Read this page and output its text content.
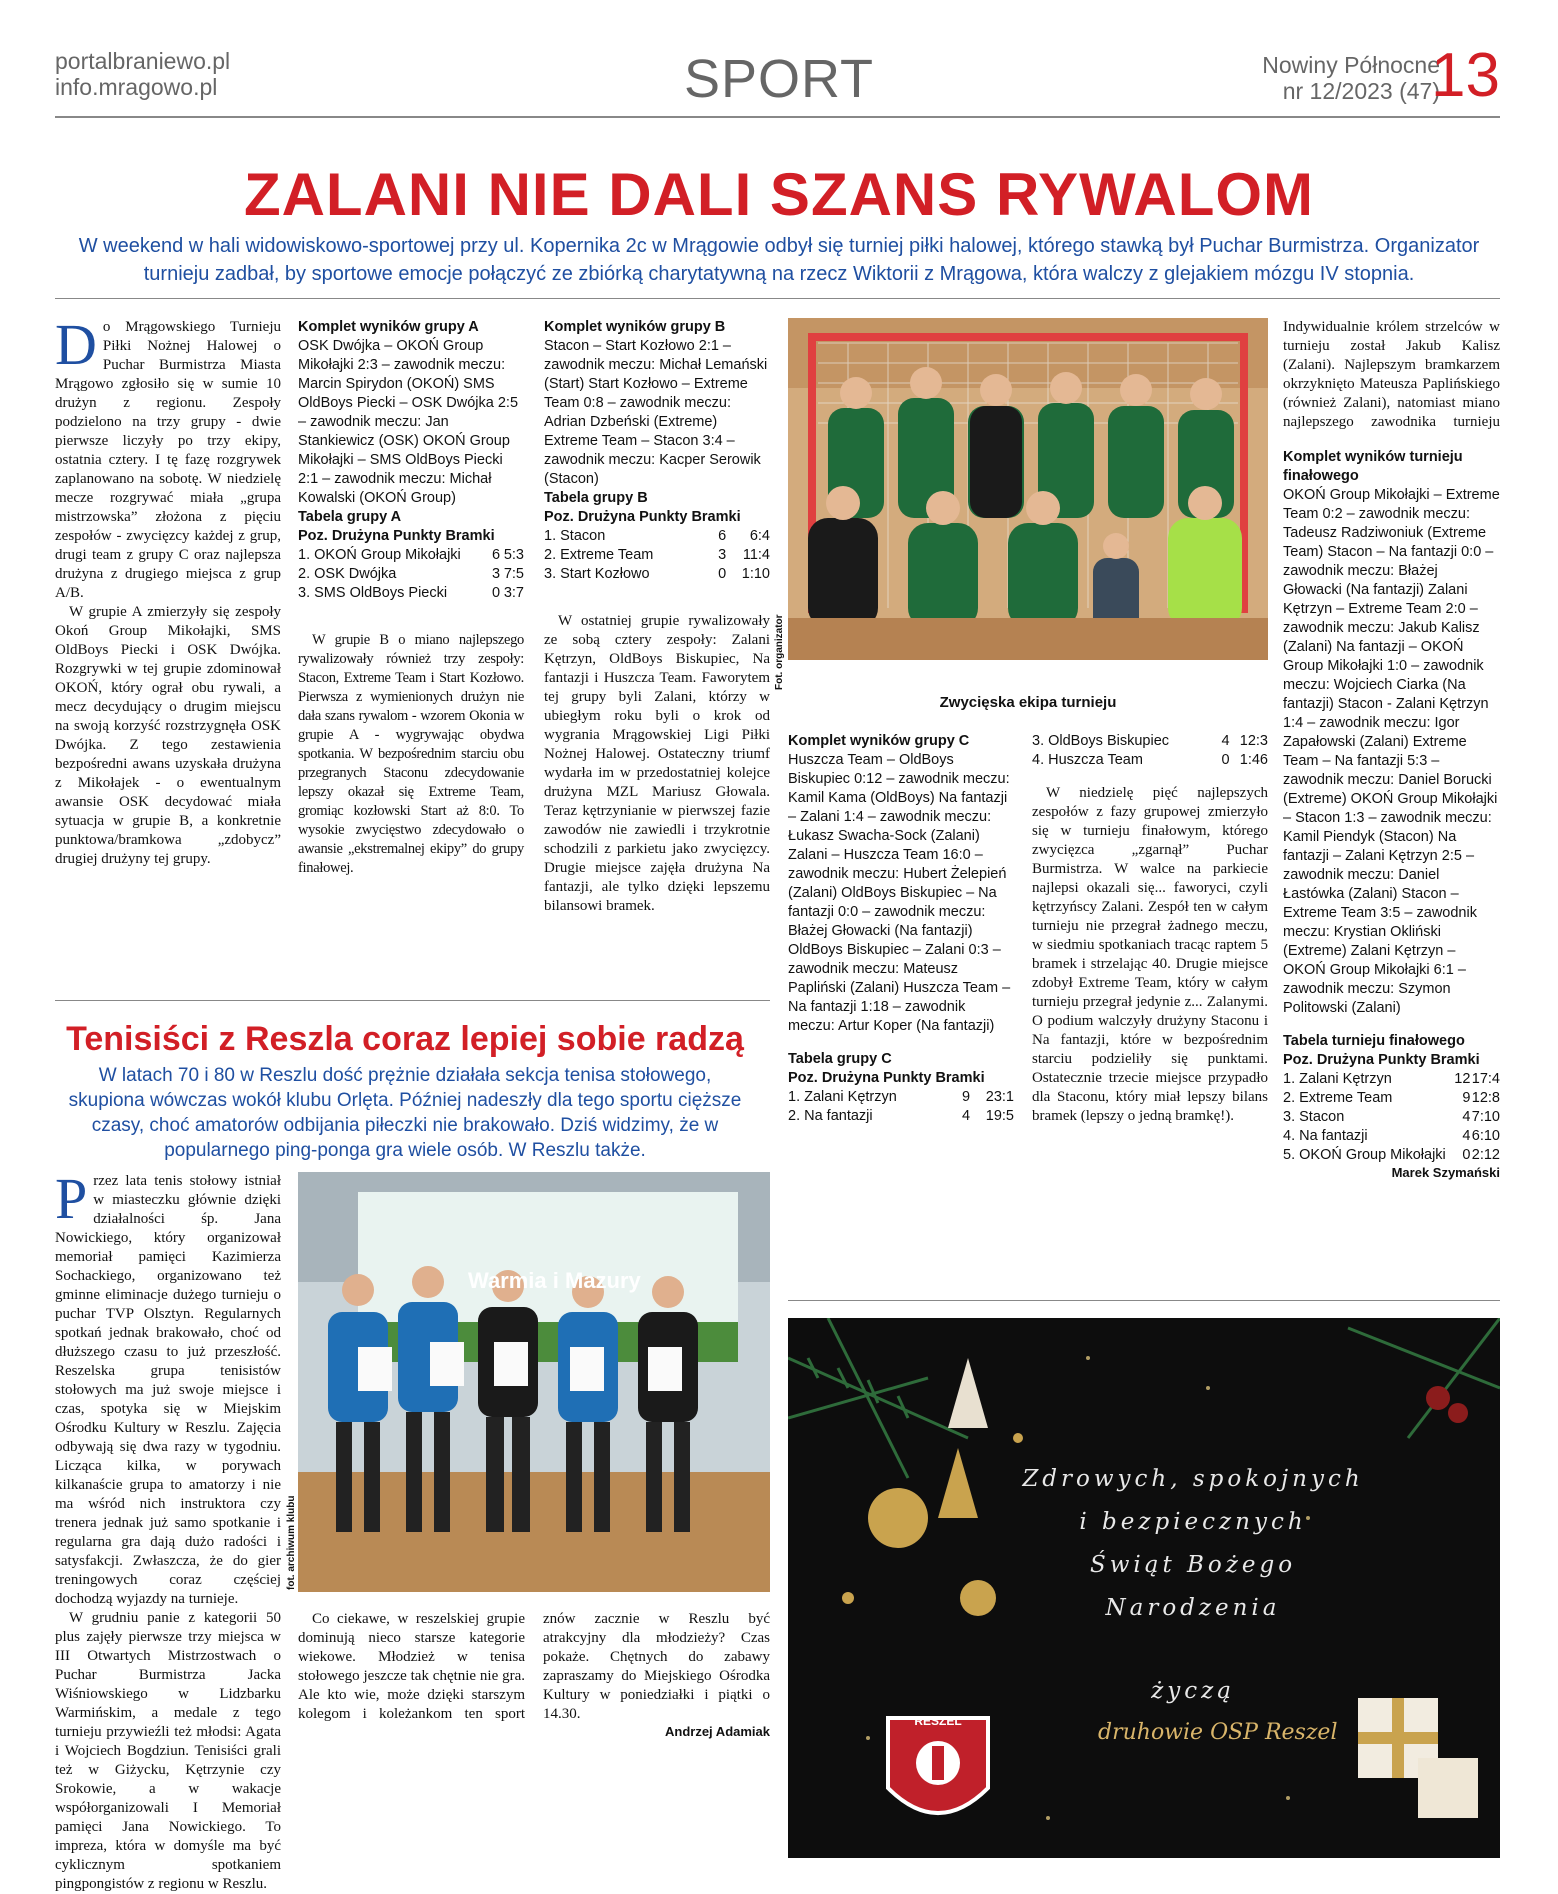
portalbraniewo.pl
info.mragowo.pl	SPORT	Nowiny Północne
nr 12/2023 (47)
13
ZALANI NIE DALI SZANS RYWALOM
W weekend w hali widowiskowo-sportowej przy ul. Kopernika 2c w Mrągowie odbył się turniej piłki halowej, którego stawką był Puchar Burmistrza. Organizator turnieju zadbał, by sportowe emocje połączyć ze zbiórką charytatywną na rzecz Wiktorii z Mrągowa, która walczy z glejakiem mózgu IV stopnia.

Do Mrągowskiego Turnieju Piłki Nożnej Halowej o Puchar Burmistrza Miasta Mrągowo zgłosiło się w sumie 10 drużyn z regionu. Zespoły podzielono na trzy grupy - dwie pierwsze liczyły po trzy ekipy, ostatnia cztery. I tę fazę rozgrywek zaplanowano na sobotę. W niedzielę mecze rozgrywać miała „grupa mistrzowska” złożona z pięciu zespołów - zwycięzcy każdej z grup, drugi team z grupy C oraz najlepsza drużyna z drugiego miejsca z grup A/B.

W grupie A zmierzyły się zespoły Okoń Group Mikołajki, SMS OldBoys Piecki i OSK Dwójka. Rozgrywki w tej grupie zdominował OKOŃ, który ograł obu rywali, a mecz decydujący o drugim miejscu na swoją korzyść rozstrzygnęła OSK Dwójka. Z tego zestawienia bezpośredni awans uzyskała drużyna z Mikołajek - o ewentualnym awansie OSK decydować miała sytuacja w grupie B, a konkretnie punktowa/bramkowa „zdobycz” drugiej drużyny tej grupy.

Komplet wyników grupy A
OSK Dwójka – OKOŃ Group Mikołajki 2:3 – zawodnik meczu: Marcin Spirydon (OKOŃ) SMS OldBoys Piecki – OSK Dwójka 2:5 – zawodnik meczu: Jan Stankiewicz (OSK) OKOŃ Group Mikołajki – SMS OldBoys Piecki 2:1 – zawodnik meczu: Michał Kowalski (OKOŃ Group)
Tabela grupy A
Poz. Drużyna Punkty Bramki
1. OKOŃ Group Mikołajki	6	5:3
2. OSK Dwójka	3	7:5
3. SMS OldBoys Piecki	0	3:7

W grupie B o miano najlepszego rywalizowały również trzy zespoły: Stacon, Extreme Team i Start Kozłowo. Pierwsza z wymienionych drużyn nie dała szans rywalom - wzorem Okonia w grupie A - wygrywając obydwa spotkania. W bezpośrednim starciu obu przegranych Staconu zdecydowanie lepszy okazał się Extreme Team, gromiąc kozłowski Start aż 8:0. To wysokie zwycięstwo zdecydowało o awansie „ekstremalnej ekipy” do grupy finałowej.

Komplet wyników grupy B
Stacon – Start Kozłowo 2:1 – zawodnik meczu: Michał Lemański (Start) Start Kozłowo – Extreme Team 0:8 – zawodnik meczu: Adrian Dzbeński (Extreme) Extreme Team – Stacon 3:4 – zawodnik meczu: Kacper Serowik (Stacon)
Tabela grupy B
Poz. Drużyna Punkty Bramki
1. Stacon	6	6:4
2. Extreme Team	3	11:4
3. Start Kozłowo	0	1:10

W ostatniej grupie rywalizowały ze sobą cztery zespoły: Zalani Kętrzyn, OldBoys Biskupiec, Na fantazji i Huszcza Team. Faworytem tej grupy byli Zalani, którzy w ubiegłym roku byli o krok od wygrania Mrągowskiej Ligi Piłki Nożnej Halowej. Ostateczny triumf wydarła im w przedostatniej kolejce drużyna MZL Mariusz Głowala. Teraz kętrzynianie w pierwszej fazie zawodów nie zawiedli i trzykrotnie schodzili z parkietu jako zwycięzcy. Drugie miejsce zajęła drużyna Na fantazji, ale tylko dzięki lepszemu bilansowi bramek.

Fot. organizator
Zwycięska ekipa turnieju

Indywidualnie królem strzelców w turnieju został Jakub Kalisz (Zalani). Najlepszym bramkarzem okrzyknięto Mateusza Paplińskiego (również Zalani), natomiast miano najlepszego zawodnika turnieju

Komplet wyników turnieju finałowego
OKOŃ Group Mikołajki – Extreme Team 0:2 – zawodnik meczu: Tadeusz Radziwoniuk (Extreme Team) Stacon – Na fantazji 0:0 – zawodnik meczu: Błażej Głowacki (Na fantazji) Zalani Kętrzyn – Extreme Team 2:0 – zawodnik meczu: Jakub Kalisz (Zalani) Na fantazji – OKOŃ Group Mikołajki 1:0 – zawodnik meczu: Wojciech Ciarka (Na fantazji) Stacon - Zalani Kętrzyn 1:4 – zawodnik meczu: Igor Zapałowski (Zalani) Extreme Team – Na fantazji 5:3 – zawodnik meczu: Daniel Borucki (Extreme) OKOŃ Group Mikołajki – Stacon 1:3 – zawodnik meczu: Kamil Piendyk (Stacon) Na fantazji – Zalani Kętrzyn 2:5 – zawodnik meczu: Daniel Łastówka (Zalani) Stacon – Extreme Team 3:5 – zawodnik meczu: Krystian Okliński (Extreme) Zalani Kętrzyn – OKOŃ Group Mikołajki 6:1 – zawodnik meczu: Szymon Politowski (Zalani)
Tabela turnieju finałowego
Poz. Drużyna Punkty Bramki
1. Zalani Kętrzyn	12	17:4
2. Extreme Team	9	12:8
3. Stacon	4	7:10
4. Na fantazji	4	6:10
5. OKOŃ Group Mikołajki	0	2:12
Marek Szymański
Komplet wyników grupy C
Huszcza Team – OldBoys Biskupiec 0:12 – zawodnik meczu: Kamil Kama (OldBoys) Na fantazji – Zalani 1:4 – zawodnik meczu: Łukasz Swacha-Sock (Zalani) Zalani – Huszcza Team 16:0 – zawodnik meczu: Hubert Żelepień (Zalani) OldBoys Biskupiec – Na fantazji 0:0 – zawodnik meczu: Błażej Głowacki (Na fantazji) OldBoys Biskupiec – Zalani 0:3 – zawodnik meczu: Mateusz Papliński (Zalani) Huszcza Team – Na fantazji 1:18 – zawodnik meczu: Artur Koper (Na fantazji)
Tabela grupy C
Poz. Drużyna Punkty Bramki
1. Zalani Kętrzyn	9	23:1
2. Na fantazji	4	19:5
3. OldBoys Biskupiec	4	12:3
4. Huszcza Team	0	1:46

W niedzielę pięć najlepszych zespołów z fazy grupowej zmierzyło się w turnieju finałowym, którego zwycięzca „zgarnął” Puchar Burmistrza. W walce na parkiecie najlepsi okazali się... faworyci, czyli kętrzyńscy Zalani. Zespół ten w całym turnieju nie przegrał żadnego meczu, w siedmiu spotkaniach tracąc raptem 5 bramek i strzelając 40. Drugie miejsce zdobył Extreme Team, który w całym turnieju przegrał jedynie z... Zalanymi. O podium walczyły drużyny Staconu i Na fantazji, które w bezpośrednim starciu podzieliły się punktami. Ostatecznie trzecie miejsce przypadło dla Staconu, który miał lepszy bilans bramek (lepszy o jedną bramkę!).

Tenisiści z Reszla coraz lepiej sobie radzą
W latach 70 i 80 w Reszlu dość prężnie działała sekcja tenisa stołowego, skupiona wówczas wokół klubu Orlęta. Później nadeszły dla tego sportu cięższe czasy, choć amatorów odbijania piłeczki nie brakowało. Dziś widzimy, że w popularnego ping-ponga gra wiele osób. W Reszlu także.

Przez lata tenis stołowy istniał w miasteczku głównie dzięki działalności śp. Jana Nowickiego, który organizował memoriał pamięci Kazimierza Sochackiego, organizowano też gminne eliminacje dużego turnieju o puchar TVP Olsztyn. Regularnych spotkań jednak brakowało, choć od dłuższego czasu to już przeszłość. Reszelska grupa tenisistów stołowych ma już swoje miejsce i czas, spotyka się w Miejskim Ośrodku Kultury w Reszlu. Zajęcia odbywają się dwa razy w tygodniu. Licząca kilka, w porywach kilkanaście grupa to amatorzy i nie ma wśród nich instruktora czy trenera jednak już samo spotkanie i regularna gra dają dużo radości i satysfakcji. Zwłaszcza, że do gier treningowych coraz częściej dochodzą wyjazdy na turnieje.

W grudniu panie z kategorii 50 plus zajęły pierwsze trzy miejsca w III Otwartych Mistrzostwach o Puchar Burmistrza Jacka Wiśniowskiego w Lidzbarku Warmińskim, a medale z tego turnieju przywieźli też młodsi: Agata i Wojciech Bogdziun. Tenisiści grali też w Giżycku, Kętrzynie czy Srokowie, a w wakacje współorganizowali I Memoriał pamięci Jana Nowickiego. To impreza, która w domyśle ma być cyklicznym spotkaniem pingpongistów z regionu w Reszlu.

Warmia i Mazury
fot. archiwum klubu

Co ciekawe, w reszelskiej grupie dominują nieco starsze kategorie wiekowe. Młodzież w tenisa stołowego jeszcze tak chętnie nie gra. Ale kto wie, może dzięki starszym kolegom i koleżankom ten sport znów zacznie w Reszlu być atrakcyjny dla młodzieży? Czas pokaże. Chętnych do zabawy zapraszamy do Miejskiego Ośrodka Kultury w poniedziałki i piątki o 14.30.

Andrzej Adamiak
Zdrowych, spokojnych
i bezpiecznych
Świąt Bożego
Narodzenia
życzą
RESZEL	druhowie OSP Reszel
